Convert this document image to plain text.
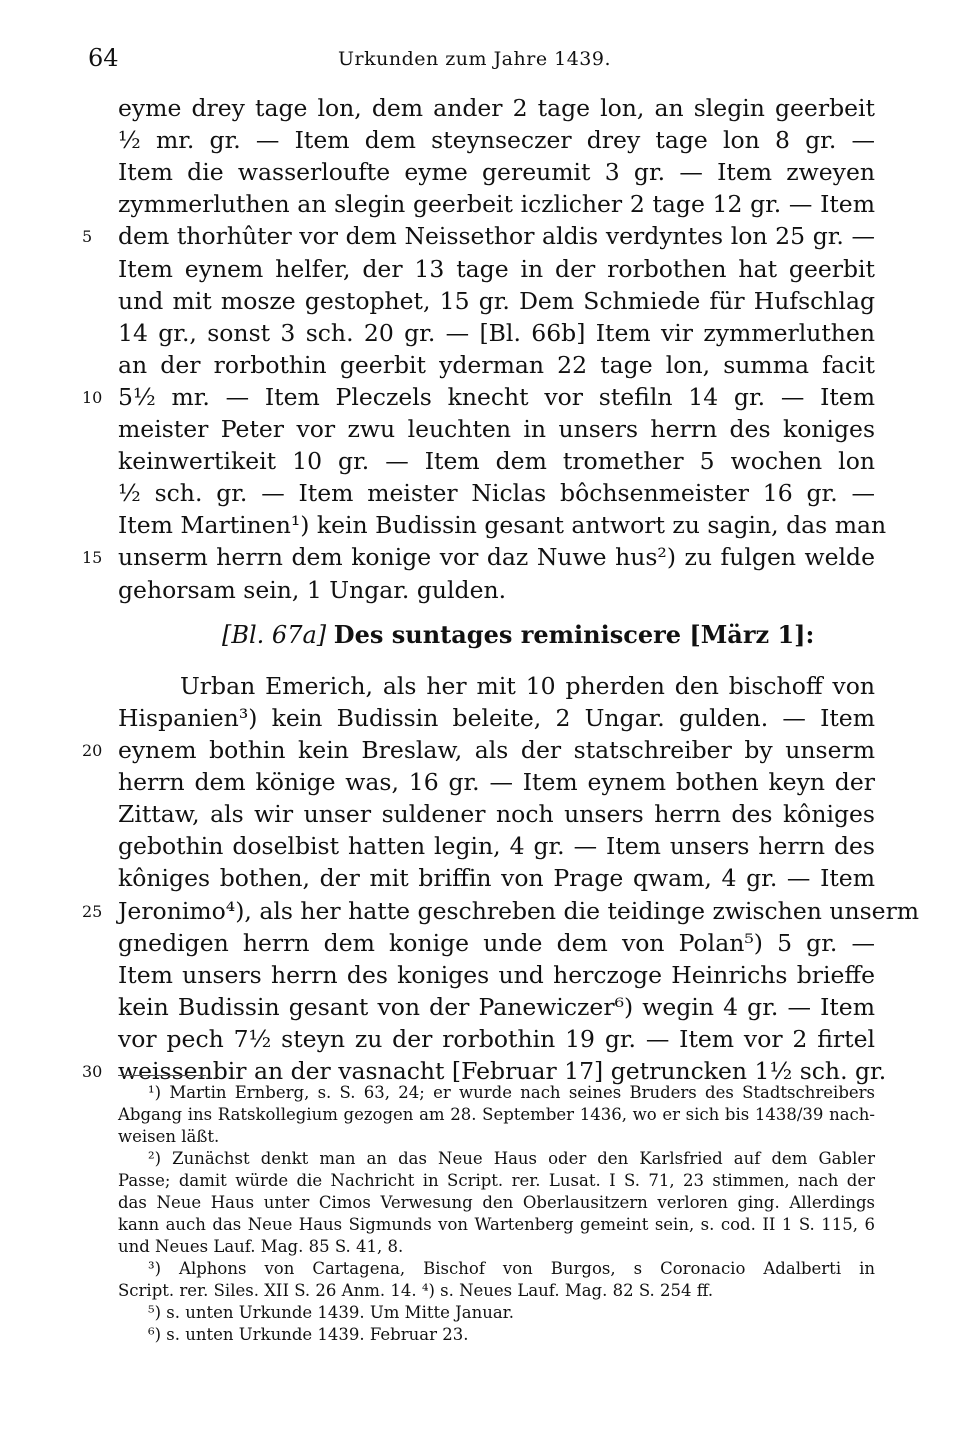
64	Urkunden zum Jahre 1439.
eyme drey tage lon, dem ander 2 tage lon, an slegin geerbeit
½ mr. gr. — Item dem steynseczer drey tage lon 8 gr. —
Item die wasserloufte eyme gereumit 3 gr. — Item zweyen
zymmerluthen an slegin geerbeit iczlicher 2 tage 12 gr. — Item
dem thorhûter vor dem Neissethor aldis verdyntes lon 25 gr. —
5
Item eynem helfer, der 13 tage in der rorbothen hat geerbit
und mit mosze gestophet, 15 gr. Dem Schmiede für Hufschlag
14 gr., sonst 3 sch. 20 gr. — [Bl. 66b] Item vir zymmerluthen
an der rorbothin geerbit yderman 22 tage lon, summa facit
5½ mr. — Item Pleczels knecht vor stefiln 14 gr. — Item
10
meister Peter vor zwu leuchten in unsers herrn des koniges
keinwertikeit 10 gr. — Item dem tromether 5 wochen lon
½ sch. gr. — Item meister Niclas bôchsenmeister 16 gr. —
Item Martinen¹) kein Budissin gesant antwort zu sagin, das man
unserm herrn dem konige vor daz Nuwe hus²) zu fulgen welde
15
gehorsam sein, 1 Ungar. gulden.
Urban Emerich, als her mit 10 pherden den bischoff von
Hispanien³) kein Budissin beleite, 2 Ungar. gulden. — Item
eynem bothin kein Breslaw, als der statschreiber by unserm
20
herrn dem könige was, 16 gr. — Item eynem bothen keyn der
Zittaw, als wir unser suldener noch unsers herrn des kôniges
gebothin doselbist hatten legin, 4 gr. — Item unsers herrn des
kôniges bothen, der mit briffin von Prage qwam, 4 gr. — Item
Jeronimo⁴), als her hatte geschreben die teidinge zwischen unserm
25
gnedigen herrn dem konige unde dem von Polan⁵) 5 gr. —
Item unsers herrn des koniges und herczoge Heinrichs brieffe
kein Budissin gesant von der Panewiczer⁶) wegin 4 gr. — Item
vor pech 7½ steyn zu der rorbothin 19 gr. — Item vor 2 firtel
weissenbir an der vasnacht [Februar 17] getruncken 1½ sch. gr.
30
[Bl. 67a] Des suntages reminiscere [März 1]:
¹) Martin Ernberg, s. S. 63, 24; er wurde nach seines Bruders des Stadtschreibers
Abgang ins Ratskollegium gezogen am 28. September 1436, wo er sich bis 1438/39 nach-
weisen läßt.
²) Zunächst denkt man an das Neue Haus oder den Karlsfried auf dem Gabler
Passe; damit würde die Nachricht in Script. rer. Lusat. I S. 71, 23 stimmen, nach der
das Neue Haus unter Cimos Verwesung den Oberlausitzern verloren ging. Allerdings
kann auch das Neue Haus Sigmunds von Wartenberg gemeint sein, s. cod. II 1 S. 115, 6
und Neues Lauf. Mag. 85 S. 41, 8.
³) Alphons von Cartagena, Bischof von Burgos, s Coronacio Adalberti in
Script. rer. Siles. XII S. 26 Anm. 14. ⁴) s. Neues Lauf. Mag. 82 S. 254 ff.
⁵) s. unten Urkunde 1439. Um Mitte Januar.
⁶) s. unten Urkunde 1439. Februar 23.
